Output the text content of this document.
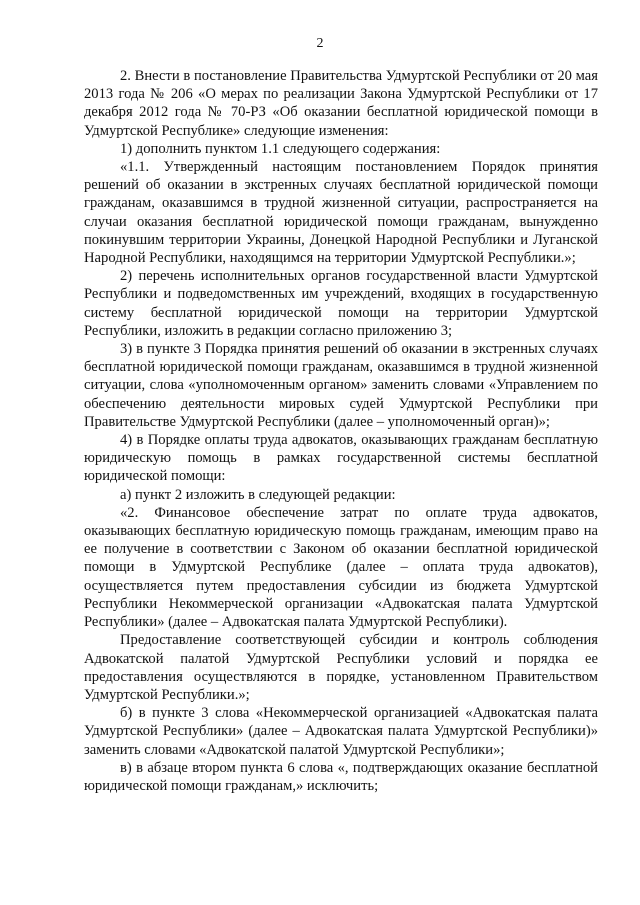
2

2. Внести в постановление Правительства Удмуртской Республики от 20 мая 2013 года № 206 «О мерах по реализации Закона Удмуртской Республики от 17 декабря 2012 года № 70-РЗ «Об оказании бесплатной юридической помощи в Удмуртской Республике» следующие изменения:

1) дополнить пунктом 1.1 следующего содержания:

«1.1. Утвержденный настоящим постановлением Порядок принятия решений об оказании в экстренных случаях бесплатной юридической помощи гражданам, оказавшимся в трудной жизненной ситуации, распространяется на случаи оказания бесплатной юридической помощи гражданам, вынужденно покинувшим территории Украины, Донецкой Народной Республики и Луганской Народной Республики, находящимся на территории Удмуртской Республики.»;

2) перечень исполнительных органов государственной власти Удмуртской Республики и подведомственных им учреждений, входящих в государственную систему бесплатной юридической помощи на территории Удмуртской Республики, изложить в редакции согласно приложению 3;

3) в пункте 3 Порядка принятия решений об оказании в экстренных случаях бесплатной юридической помощи гражданам, оказавшимся в трудной жизненной ситуации, слова «уполномоченным органом» заменить словами «Управлением по обеспечению деятельности мировых судей Удмуртской Республики при Правительстве Удмуртской Республики (далее – уполномоченный орган)»;

4) в Порядке оплаты труда адвокатов, оказывающих гражданам бесплатную юридическую помощь в рамках государственной системы бесплатной юридической помощи:

а) пункт 2 изложить в следующей редакции:

«2. Финансовое обеспечение затрат по оплате труда адвокатов, оказывающих бесплатную юридическую помощь гражданам, имеющим право на ее получение в соответствии с Законом об оказании бесплатной юридической помощи в Удмуртской Республике (далее – оплата труда адвокатов), осуществляется путем предоставления субсидии из бюджета Удмуртской Республики Некоммерческой организации «Адвокатская палата Удмуртской Республики» (далее – Адвокатская палата Удмуртской Республики).

Предоставление соответствующей субсидии и контроль соблюдения Адвокатской палатой Удмуртской Республики условий и порядка ее предоставления осуществляются в порядке, установленном Правительством Удмуртской Республики.»;

б) в пункте 3 слова «Некоммерческой организацией «Адвокатская палата Удмуртской Республики» (далее – Адвокатская палата Удмуртской Республики)» заменить словами «Адвокатской палатой Удмуртской Республики»;

в) в абзаце втором пункта 6 слова «, подтверждающих оказание бесплатной юридической помощи гражданам,» исключить;
